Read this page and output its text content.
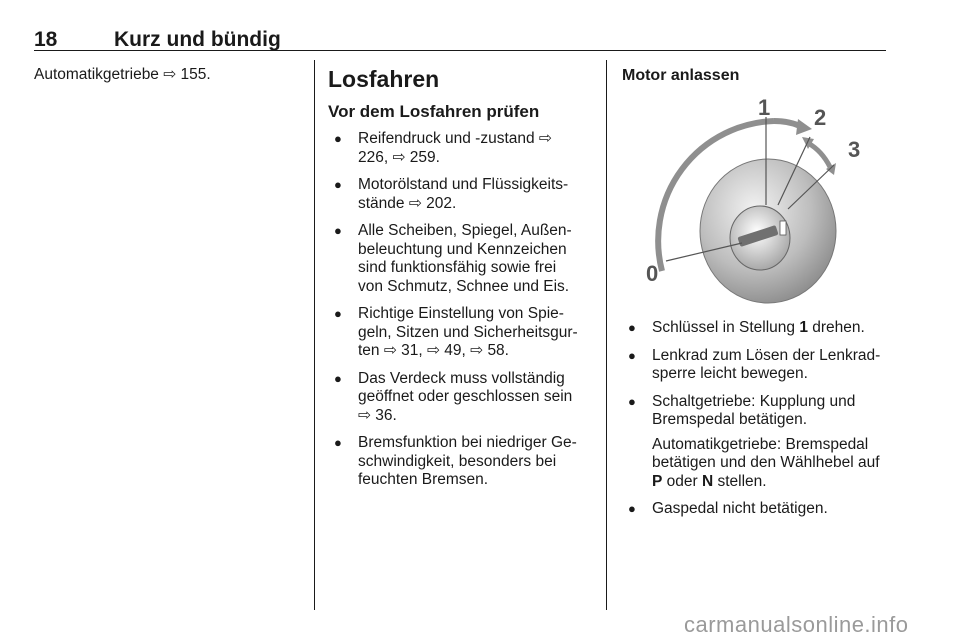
18	Kurz und bündig
Automatikgetriebe ⇨ 155.	Losfahren
Vor dem Losfahren prüfen
● Reifendruck und -zustand ⇨ 226, ⇨ 259.
● Motorölstand und Flüssigkeits-stände ⇨ 202.
● Alle Scheiben, Spiegel, Außen-beleuchtung und Kennzeichen sind funktionsfähig sowie frei von Schmutz, Schnee und Eis.
● Richtige Einstellung von Spie-geln, Sitzen und Sicherheitsgur-ten ⇨ 31, ⇨ 49, ⇨ 58.
● Das Verdeck muss vollständig geöffnet oder geschlossen sein ⇨ 36.
● Bremsfunktion bei niedriger Ge-schwindigkeit, besonders bei feuchten Bremsen.
Motor anlassen
0
1 2
3
● Schlüssel in Stellung 1 drehen.
● Lenkrad zum Lösen der Lenkrad-sperre leicht bewegen.
● Schaltgetriebe: Kupplung und Bremspedal betätigen.
Automatikgetriebe: Bremspedal betätigen und den Wählhebel auf P oder N stellen.
● Gaspedal nicht betätigen.
carmanualsonline.info
